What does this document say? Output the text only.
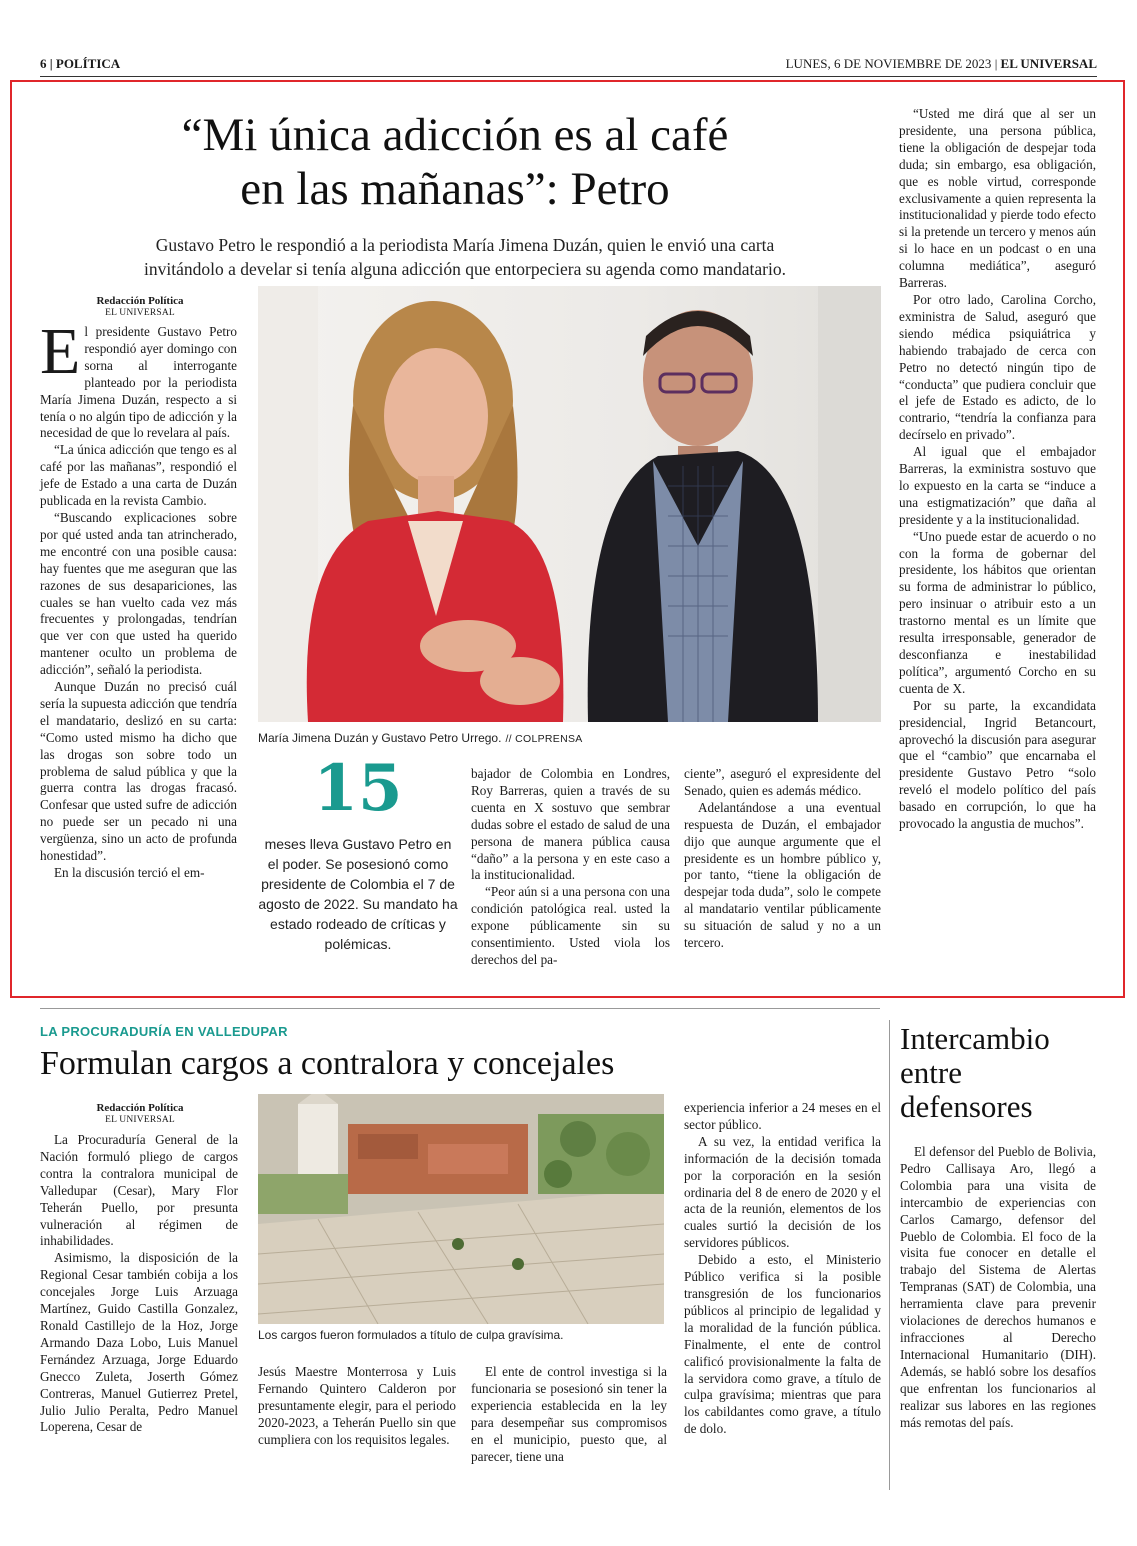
6 | POLÍTICA	LUNES, 6 DE NOVIEMBRE DE 2023 | EL UNIVERSAL
“Mi única adicción es al café
en las mañanas”: Petro
Gustavo Petro le respondió a la periodista María Jimena Duzán, quien le envió una carta
invitándolo a develar si tenía alguna adicción que entorpeciera su agenda como mandatario.
Redacción Política
EL UNIVERSAL

El presidente Gustavo Petro respondió ayer domingo con sorna al interrogante planteado por la periodista María Jimena Duzán, respecto a si tenía o no algún tipo de adicción y la necesidad de que lo revelara al país.

“La única adicción que tengo es al café por las mañanas”, respondió el jefe de Estado a una carta de Duzán publicada en la revista Cambio.

“Buscando explicaciones sobre por qué usted anda tan atrincherado, me encontré con una posible causa: hay fuentes que me aseguran que las razones de sus desapariciones, las cuales se han vuelto cada vez más frecuentes y prolongadas, tendrían que ver con que usted ha querido mantener oculto un problema de adicción”, señaló la periodista.

Aunque Duzán no precisó cuál sería la supuesta adicción que tendría el mandatario, deslizó en su carta: “Como usted mismo ha dicho que las drogas son sobre todo un problema de salud pública y que la guerra contra las drogas fracasó. Confesar que usted sufre de adicción no puede ser un pecado ni una vergüenza, sino un acto de profunda honestidad”.

En la discusión terció el em-

María Jimena Duzán y Gustavo Petro Urrego. // COLPRENSA
15
meses lleva Gustavo Petro en el poder. Se posesionó como presidente de Colombia el 7 de agosto de 2022. Su mandato ha estado rodeado de críticas y polémicas.

bajador de Colombia en Londres, Roy Barreras, quien a través de su cuenta en X sostuvo que sembrar dudas sobre el estado de salud de una persona de manera pública causa “daño” a la persona y en este caso a la institucionalidad.

“Peor aún si a una persona con una condición patológica real. usted la expone públicamente sin su consentimiento. Usted viola los derechos del pa-

ciente”, aseguró el expresidente del Senado, quien es además médico.

Adelantándose a una eventual respuesta de Duzán, el embajador dijo que aunque argumente que el presidente es un hombre público y, por tanto, “tiene la obligación de despejar toda duda”, solo le compete al mandatario ventilar públicamente su situación de salud y no a un tercero.

“Usted me dirá que al ser un presidente, una persona pública, tiene la obligación de despejar toda duda; sin embargo, esa obligación, que es noble virtud, corresponde exclusivamente a quien representa la institucionalidad y pierde todo efecto si la pretende un tercero y menos aún si lo hace en un podcast o en una columna mediática”, aseguró Barreras.

Por otro lado, Carolina Corcho, exministra de Salud, aseguró que siendo médica psiquiátrica y habiendo trabajado de cerca con Petro no detectó ningún tipo de “conducta” que pudiera concluir que el jefe de Estado es adicto, de lo contrario, “tendría la confianza para decírselo en privado”.

Al igual que el embajador Barreras, la exministra sostuvo que lo expuesto en la carta se “induce a una estigmatización” que daña al presidente y a la institucionalidad.

“Uno puede estar de acuerdo o no con la forma de gobernar del presidente, los hábitos que orientan su forma de administrar lo público, pero insinuar o atribuir esto a un trastorno mental es un límite que resulta irresponsable, generador de desconfianza e inestabilidad política”, argumentó Corcho en su cuenta de X.

Por su parte, la excandidata presidencial, Ingrid Betancourt, aprovechó la discusión para asegurar que el “cambio” que encarnaba el presidente Gustavo Petro “solo reveló el modelo político del país basado en corrupción, lo que ha provocado la angustia de muchos”.

LA PROCURADURÍA EN VALLEDUPAR
Formulan cargos a contralora y concejales
Redacción Política
EL UNIVERSAL

La Procuraduría General de la Nación formuló pliego de cargos contra la contralora municipal de Valledupar (Cesar), Mary Flor Teherán Puello, por presunta vulneración al régimen de inhabilidades.

Asimismo, la disposición de la Regional Cesar también cobija a los concejales Jorge Luis Arzuaga Martínez, Guido Castilla Gonzalez, Ronald Castillejo de la Hoz, Jorge Armando Daza Lobo, Luis Manuel Fernández Arzuaga, Jorge Eduardo Gnecco Zuleta, Joserth Gómez Contreras, Manuel Gutierrez Pretel, Julio Julio Peralta, Pedro Manuel Loperena, Cesar de

Los cargos fueron formulados a título de culpa gravísima.

Jesús Maestre Monterrosa y Luis Fernando Quintero Calderon por presuntamente elegir, para el periodo 2020-2023, a Teherán Puello sin que cumpliera con los requisitos legales.

El ente de control investiga si la funcionaria se posesionó sin tener la experiencia establecida en la ley para desempeñar sus compromisos en el municipio, puesto que, al parecer, tiene una

experiencia inferior a 24 meses en el sector público.

A su vez, la entidad verifica la información de la decisión tomada por la corporación en la sesión ordinaria del 8 de enero de 2020 y el acta de la reunión, elementos de los cuales surtió la decisión de los servidores públicos.

Debido a esto, el Ministerio Público verifica si la posible transgresión de los funcionarios públicos al principio de legalidad y la moralidad de la función pública. Finalmente, el ente de control calificó provisionalmente la falta de la servidora como grave, a título de culpa gravísima; mientras que para los cabildantes como grave, a título de dolo.

Intercambio
entre
defensores

El defensor del Pueblo de Bolivia, Pedro Callisaya Aro, llegó a Colombia para una visita de intercambio de experiencias con Carlos Camargo, defensor del Pueblo de Colombia. El foco de la visita fue conocer en detalle el trabajo del Sistema de Alertas Tempranas (SAT) de Colombia, una herramienta clave para prevenir violaciones de derechos humanos e infracciones al Derecho Internacional Humanitario (DIH). Además, se habló sobre los desafíos que enfrentan los funcionarios al realizar sus labores en las regiones más remotas del país.
